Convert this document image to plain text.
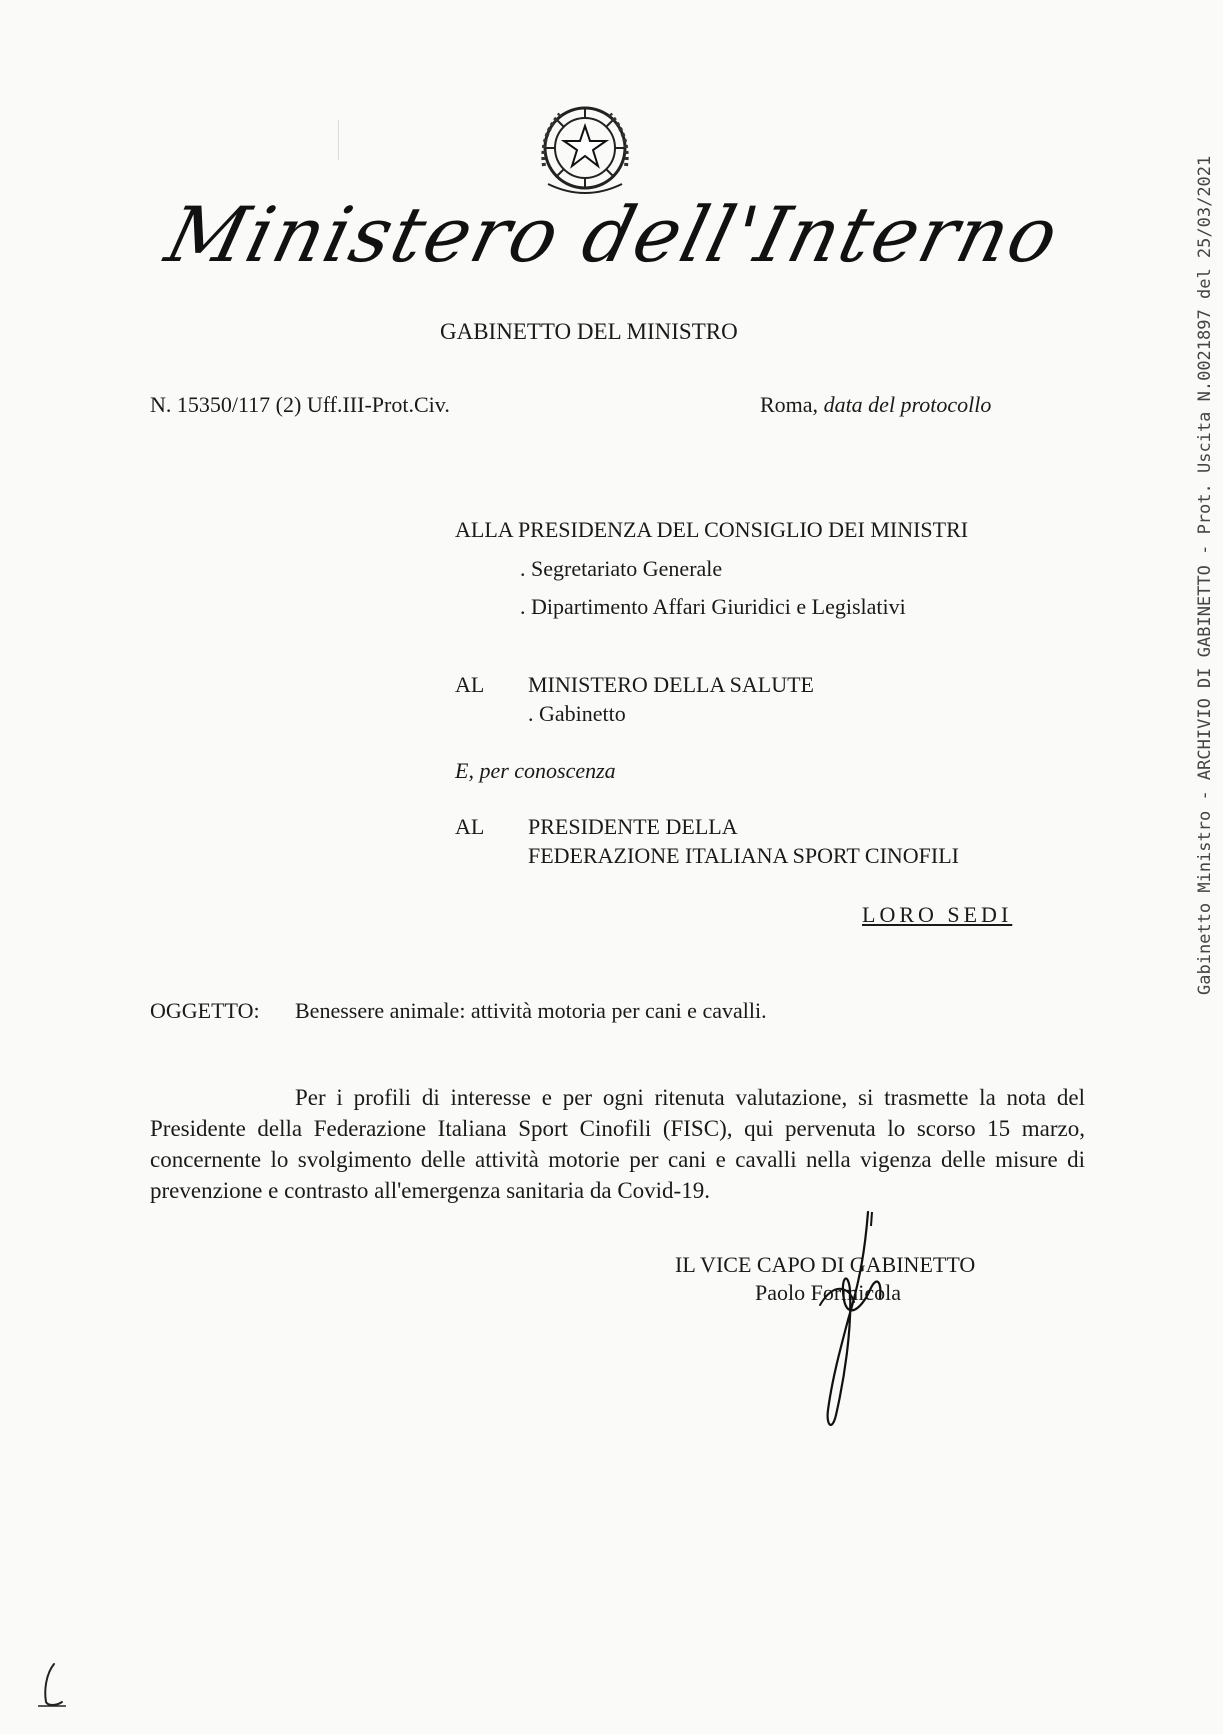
Ministero dell'Interno
GABINETTO DEL MINISTRO
N. 15350/117 (2) Uff.III-Prot.Civ.	Roma, data del protocollo
ALLA PRESIDENZA DEL CONSIGLIO DEI MINISTRI
. Segretariato Generale
. Dipartimento Affari Giuridici e Legislativi
AL MINISTERO DELLA SALUTE
. Gabinetto
E, per conoscenza
AL PRESIDENTE DELLA
FEDERAZIONE ITALIANA SPORT CINOFILI
LORO SEDI
OGGETTO: Benessere animale: attività motoria per cani e cavalli.
Per i profili di interesse e per ogni ritenuta valutazione, si trasmette la nota del Presidente della Federazione Italiana Sport Cinofili (FISC), qui pervenuta lo scorso 15 marzo, concernente lo svolgimento delle attività motorie per cani e cavalli nella vigenza delle misure di prevenzione e contrasto all'emergenza sanitaria da Covid-19.
IL VICE CAPO DI GABINETTO
Paolo Formicola
Gabinetto Ministro - ARCHIVIO DI GABINETTO - Prot. Uscita N.0021897 del 25/03/2021
